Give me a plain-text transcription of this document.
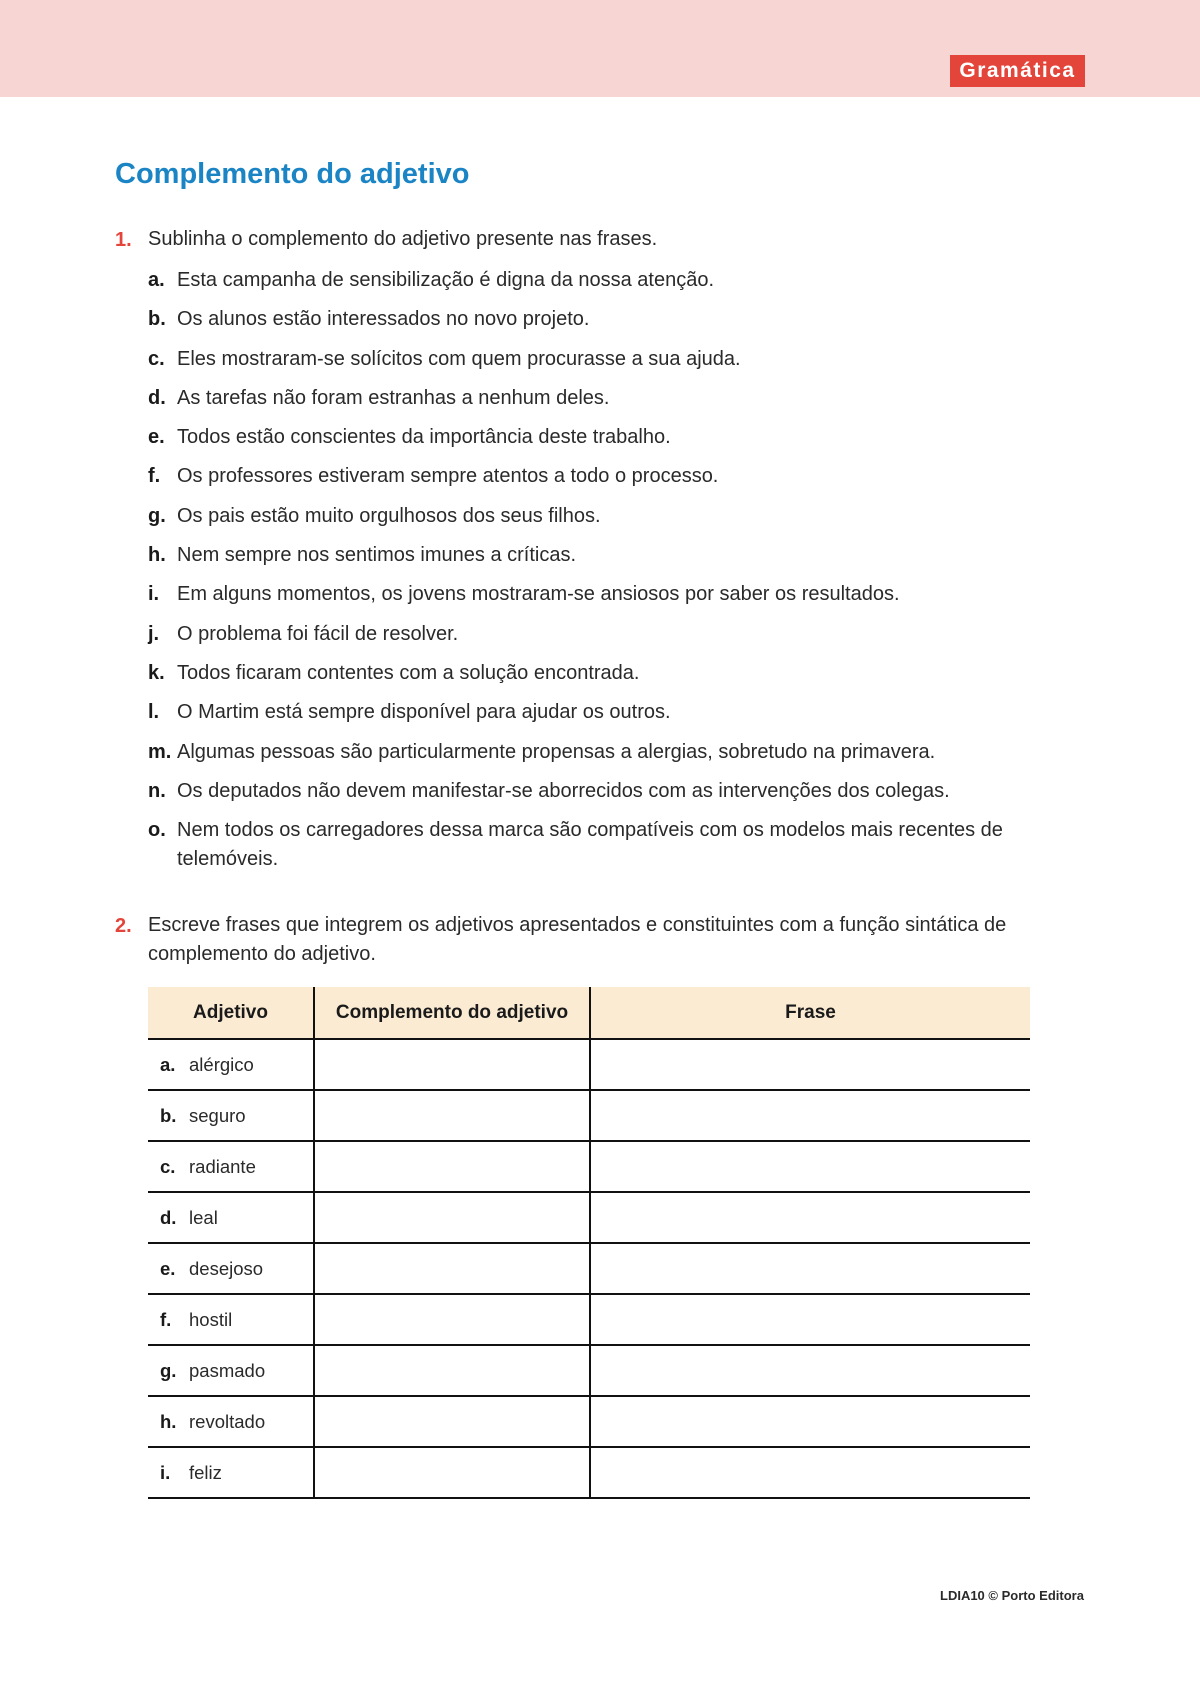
Gramática
Complemento do adjetivo
1. Sublinha o complemento do adjetivo presente nas frases.

a. Esta campanha de sensibilização é digna da nossa atenção.
b. Os alunos estão interessados no novo projeto.
c. Eles mostraram-se solícitos com quem procurasse a sua ajuda.
d. As tarefas não foram estranhas a nenhum deles.
e. Todos estão conscientes da importância deste trabalho.
f. Os professores estiveram sempre atentos a todo o processo.
g. Os pais estão muito orgulhosos dos seus filhos.
h. Nem sempre nos sentimos imunes a críticas.
i. Em alguns momentos, os jovens mostraram-se ansiosos por saber os resultados.
j. O problema foi fácil de resolver.
k. Todos ficaram contentes com a solução encontrada.
l. O Martim está sempre disponível para ajudar os outros.
m. Algumas pessoas são particularmente propensas a alergias, sobretudo na primavera.
n. Os deputados não devem manifestar-se aborrecidos com as intervenções dos colegas.
o. Nem todos os carregadores dessa marca são compatíveis com os modelos mais recentes de telemóveis.
2. Escreve frases que integrem os adjetivos apresentados e constituintes com a função sintática de complemento do adjetivo.

Adjetivo	Complemento do adjetivo	Frase
a. alérgico		
b. seguro		
c. radiante		
d. leal		
e. desejoso		
f. hostil		
g. pasmado		
h. revoltado		
i. feliz		
LDIA10 © Porto Editora
